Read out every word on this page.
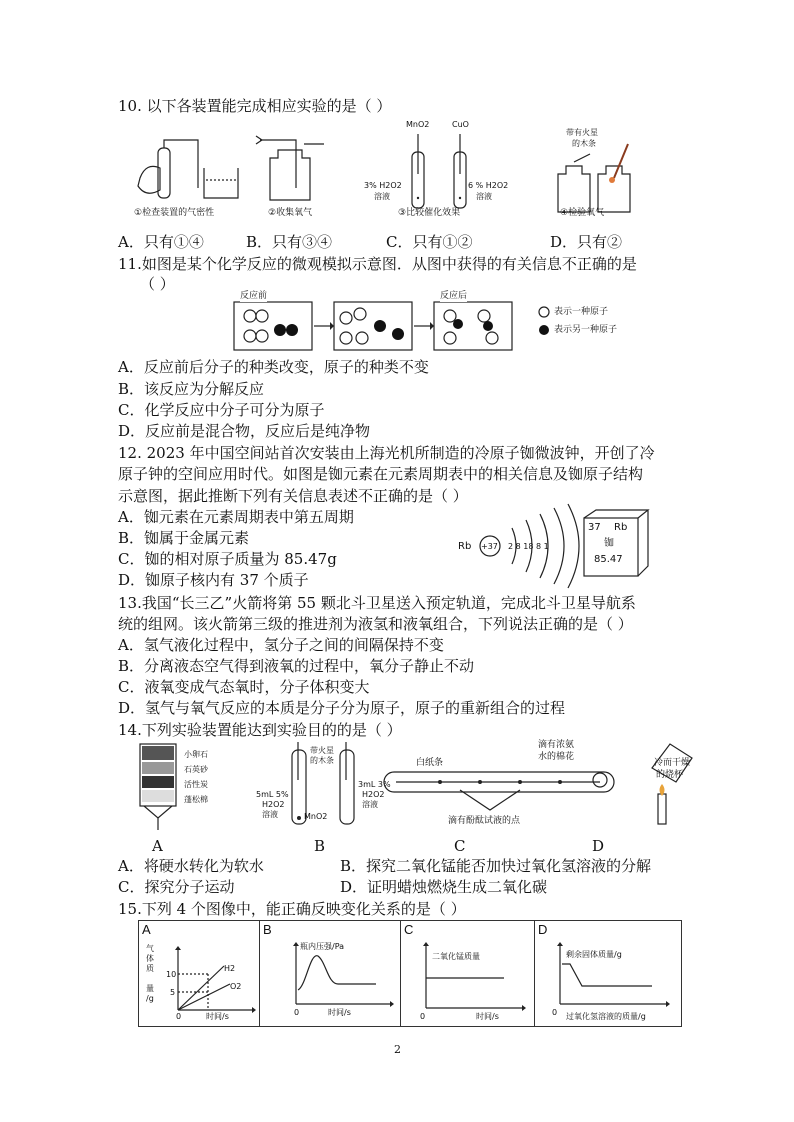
10. 以下各装置能完成相应实验的是（ ）
MnO2	CuO
3% H2O2
溶液
6 % H2O2
溶液
带有火星
的木条
①检查装置的气密性	②收集氧气	③比较催化效果	④检验氧气
A．只有①④	B．只有③④	C．只有①②	D．只有②
11.如图是某个化学反应的微观模拟示意图．从图中获得的有关信息不正确的是
（ ）
反应前	反应后
表示一种原子
表示另一种原子
A．反应前后分子的种类改变，原子的种类不变
B．该反应为分解反应
C．化学反应中分子可分为原子
D．反应前是混合物，反应后是纯净物
12. 2023 年中国空间站首次安装由上海光机所制造的冷原子铷微波钟，开创了冷
原子钟的空间应用时代。如图是铷元素在元素周期表中的相关信息及铷原子结构
示意图，据此推断下列有关信息表述不正确的是（ ）
A．铷元素在元素周期表中第五周期
B．铷属于金属元素
C．铷的相对原子质量为 85.47g
D．铷原子核内有 37 个质子
Rb +37 2 8 18 8 1
37 Rb
铷
85.47
13.我国“长三乙”火箭将第 55 颗北斗卫星送入预定轨道，完成北斗卫星导航系
统的组网。该火箭第三级的推进剂为液氢和液氧组合，下列说法正确的是（ ）
A．氢气液化过程中，氢分子之间的间隔保持不变
B．分离液态空气得到液氧的过程中，氧分子静止不动
C．液氧变成气态氧时，分子体积变大
D．氢气与氧气反应的本质是分子分为原子，原子的重新组合的过程
14.下列实验装置能达到实验目的的是（ ）
小卵石
石英砂
活性炭
蓬松棉
带火星
的木条
5mL 5%
H2O2
溶液	MnO2
3mL 3%
H2O2
溶液
白纸条
滴有浓氨
水的棉花
滴有酚酞试液的点
冷而干燥
的烧杯
A	B	C	D
A．将硬水转化为软水	B．探究二氧化锰能否加快过氧化氢溶液的分解
C．探究分子运动	D．证明蜡烛燃烧生成二氧化碳
15.下列 4 个图像中，能正确反映变化关系的是（ ）
A	B	C	D
气
体
质
量
/g
10
5
H2
O2
0	时间/s
瓶内压强/Pa
0	时间/s
二氧化锰质量
0	时间/s
剩余固体质量/g
0 过氧化氢溶液的质量/g
2
